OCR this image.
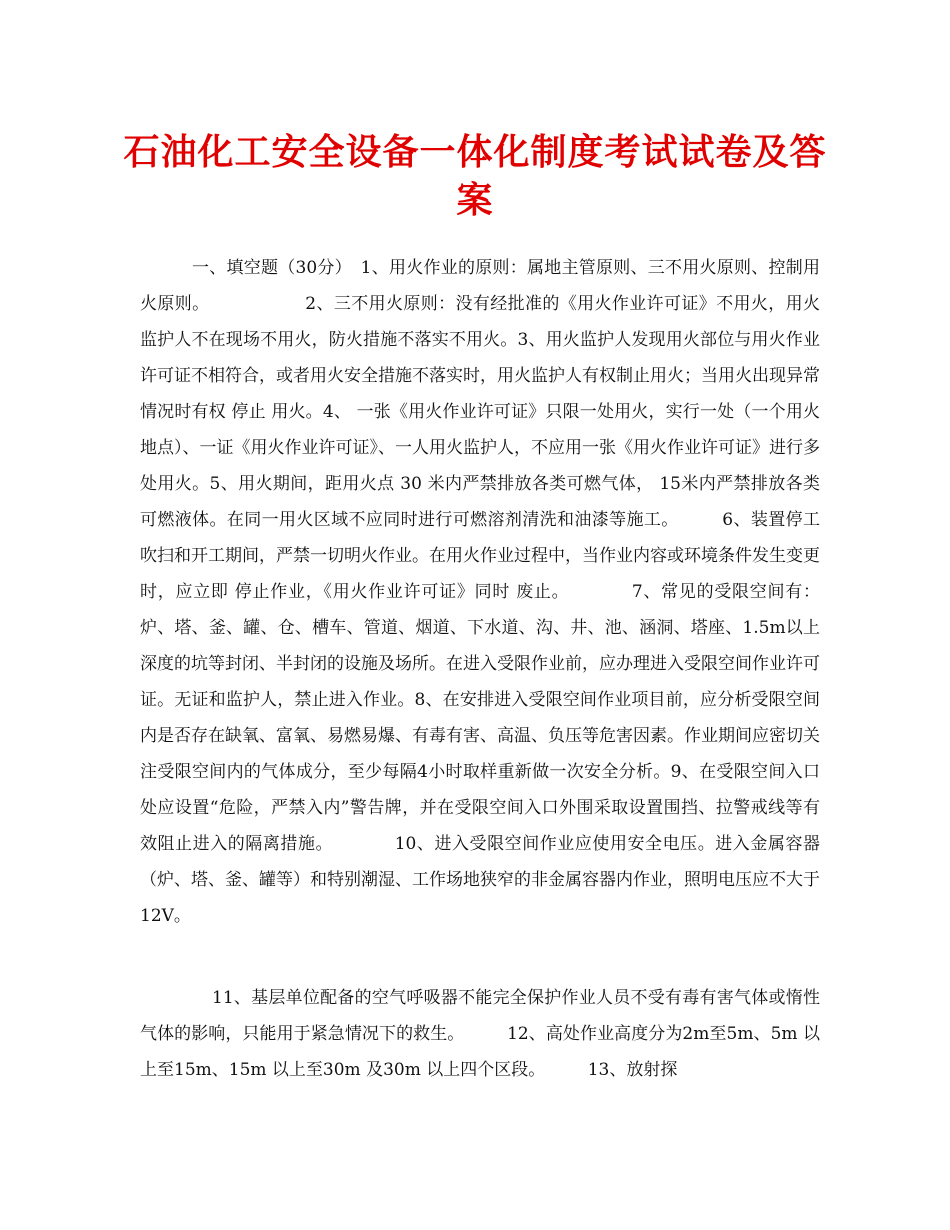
石油化工安全设备一体化制度考试试卷及答案
一、填空题（30分）　1、用火作业的原则：属地主管原则、三不用火原则、控制用火原则。　　　　　　2、三不用火原则：没有经批准的《用火作业许可证》不用火，用火监护人不在现场不用火，防火措施不落实不用火。3、用火监护人发现用火部位与用火作业许可证不相符合，或者用火安全措施不落实时，用火监护人有权制止用火；当用火出现异常情况时有权 停止 用火。4、 一张《用火作业许可证》只限一处用火，实行一处（一个用火地点）、一证《用火作业许可证》、一人用火监护人，不应用一张《用火作业许可证》进行多处用火。5、用火期间，距用火点 30 米内严禁排放各类可燃气体， 15米内严禁排放各类可燃液体。在同一用火区域不应同时进行可燃溶剂清洗和油漆等施工。　　　6、装置停工吹扫和开工期间，严禁一切明火作业。在用火作业过程中，当作业内容或环境条件发生变更时，应立即 停止作业，《用火作业许可证》同时 废止。　　　　7、常见的受限空间有：炉、塔、釜、罐、仓、槽车、管道、烟道、下水道、沟、井、池、涵洞、塔座、1.5m以上深度的坑等封闭、半封闭的设施及场所。在进入受限作业前，应办理进入受限空间作业许可证。无证和监护人，禁止进入作业。8、在安排进入受限空间作业项目前，应分析受限空间内是否存在缺氧、富氧、易燃易爆、有毒有害、高温、负压等危害因素。作业期间应密切关注受限空间内的气体成分，至少每隔4小时取样重新做一次安全分析。9、在受限空间入口处应设置“危险，严禁入内”警告牌，并在受限空间入口外围采取设置围挡、拉警戒线等有效阻止进入的隔离措施。　　　　10、进入受限空间作业应使用安全电压。进入金属容器（炉、塔、釜、罐等）和特别潮湿、工作场地狭窄的非金属容器内作业，照明电压应不大于12V。
11、基层单位配备的空气呼吸器不能完全保护作业人员不受有毒有害气体或惰性气体的影响，只能用于紧急情况下的救生。　　　12、高处作业高度分为2m至5m、5m 以上至15m、15m 以上至30m 及30m 以上四个区段。　　　13、放射探
